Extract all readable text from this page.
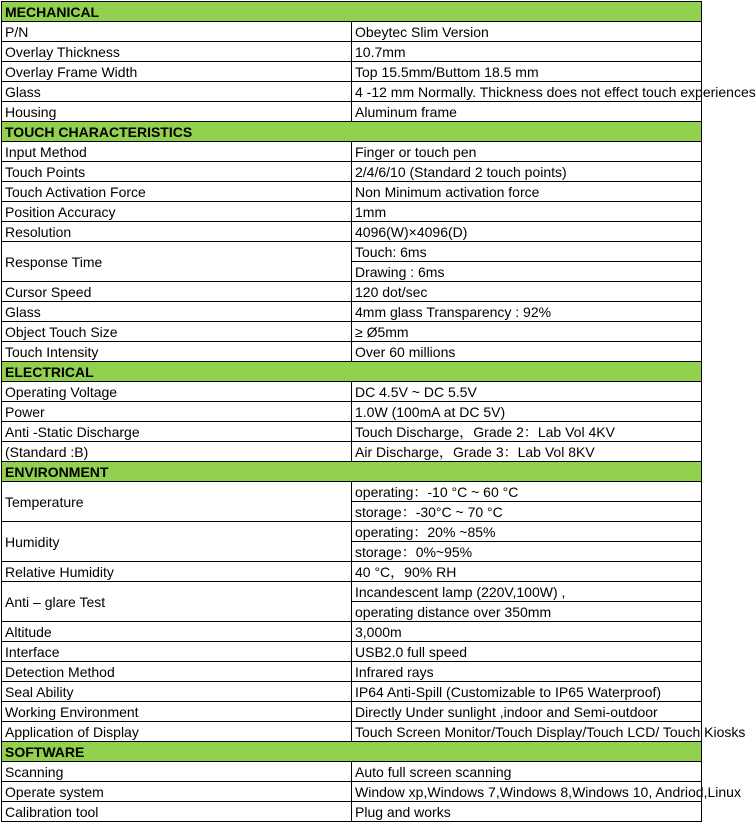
MECHANICAL	
P/N	Obeytec Slim Version
Overlay Thickness	10.7mm
Overlay Frame Width	Top 15.5mm/Buttom 18.5 mm
Glass	4 -12 mm Normally. Thickness does not effect touch experiences
Housing	Aluminum frame
TOUCH CHARACTERISTICS	
Input Method	Finger or touch pen
Touch Points	2/4/6/10 (Standard 2 touch points)
Touch Activation Force	Non Minimum activation force
Position Accuracy	1mm
Resolution	4096(W)×4096(D)
Response Time	Touch: 6ms
	Drawing : 6ms
Cursor Speed	120 dot/sec
Glass	4mm glass Transparency : 92%
Object Touch Size	≥ Ø5mm
Touch Intensity	Over 60 millions
ELECTRICAL	
Operating Voltage	DC 4.5V ~ DC 5.5V
Power	1.0W (100mA at DC 5V)
Anti -Static Discharge	Touch Discharge，Grade 2：Lab Vol 4KV
(Standard :B)	Air Discharge，Grade 3：Lab Vol 8KV
ENVIRONMENT	
Temperature	operating：-10 °C ~ 60 °C
	storage：-30°C ~ 70 °C
Humidity	operating：20% ~85%
	storage：0%~95%
Relative Humidity	40 °C，90% RH
Anti – glare Test	Incandescent lamp (220V,100W) ,
	operating distance over 350mm
Altitude	3,000m
Interface	USB2.0 full speed
Detection Method	Infrared rays
Seal Ability	IP64 Anti-Spill (Customizable to IP65 Waterproof)
Working Environment	Directly Under sunlight ,indoor and Semi-outdoor
Application of Display	Touch Screen Monitor/Touch Display/Touch LCD/ Touch Kiosks
SOFTWARE	
Scanning	Auto full screen scanning
Operate system	Window xp,Windows 7,Windows 8,Windows 10, Andriod,Linux
Calibration tool	Plug and works
